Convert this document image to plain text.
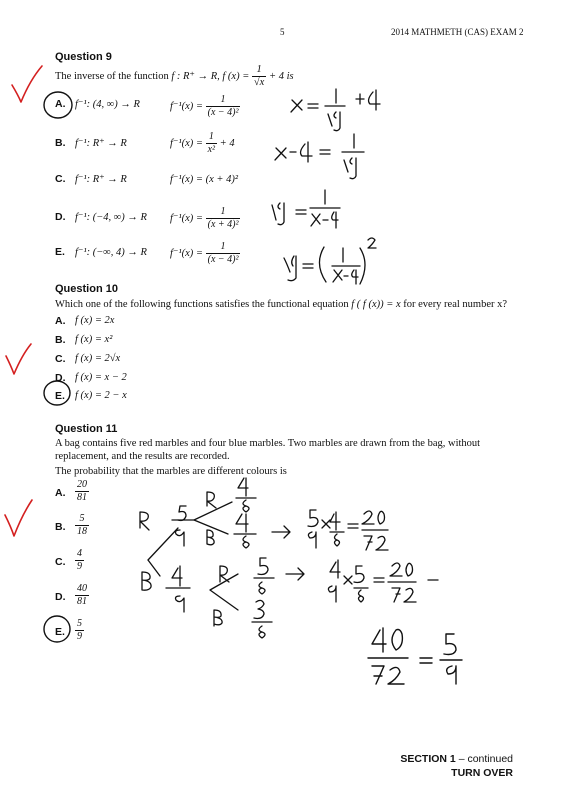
5	2014 MATHMETH (CAS) EXAM 2
Question 9
The inverse of the function f : R⁺ → R, f $(x) = \frac{1}{√x} + 4$ is
A. f⁻¹: (4, ∞) → R	$f^{-1}(x) = \frac{1}{\text{(x − 4)²}}$
B. f⁻¹: R⁺ → R	$f^{-1}(x) = \frac{1}{\text{x²}} + 4$
C. f⁻¹: R⁺ → R	f⁻¹(x) = (x + 4)²
D. f⁻¹: (−4, ∞) → R $f^{-1}(x) = \frac{1}{\text{(x + 4)²}}$
E. f⁻¹: (−∞, 4) → R $f^{-1}(x) = \frac{1}{\text{(x − 4)²}}$
Question 10
Which one of the following functions satisfies the functional equation f ( f (x)) = x for every real number x?
A. f (x) = 2x
B. f (x) = x²
C. f (x) = 2√x
D. f (x) = x − 2
E. f (x) = 2 − x
Question 11
A bag contains five red marbles and four blue marbles. Two marbles are drawn from the bag, without
replacement, and the results are recorded.
The probability that the marbles are different colours is
A. $\frac{20}{81}$
B. $\frac{5}{18}$
C. $\frac{4}{9}$
D. $\frac{40}{81}$
E. $\frac{5}{9}$
SECTION 1 – continued
TURN OVER
